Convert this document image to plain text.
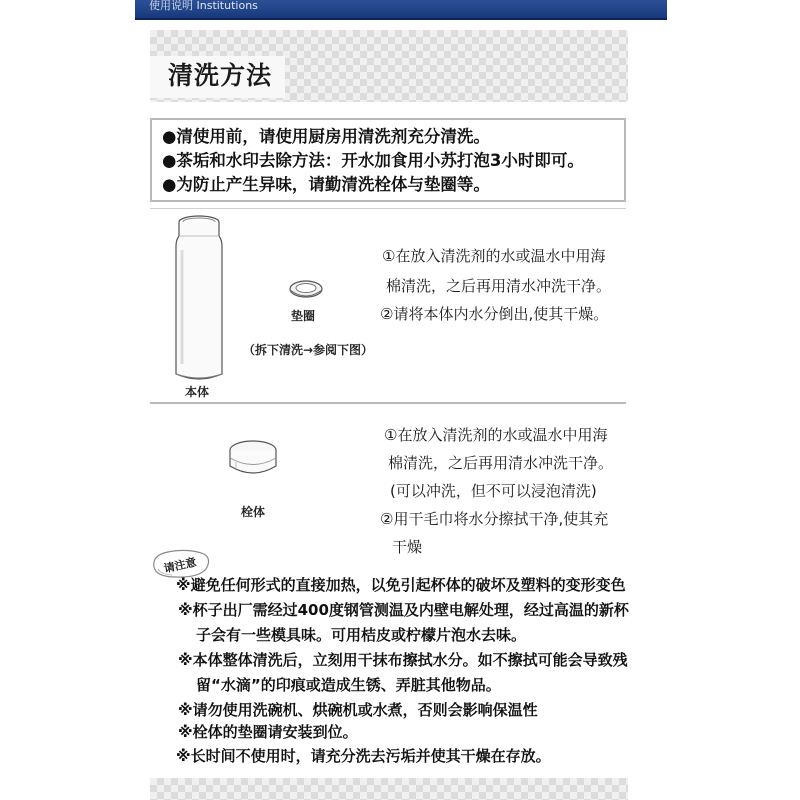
使用说明 Institutions
清洗方法
●清使用前，请使用厨房用清洗剂充分清洗。
●茶垢和水印去除方法：开水加食用小苏打泡3小时即可。
●为防止产生异味，请勤清洗栓体与垫圈等。
本体
垫圈
（拆下清洗→参阅下图）
①在放入清洗剂的水或温水中用海
棉清洗，之后再用清水冲洗干净。
②请将本体内水分倒出,使其干燥。
栓体
①在放入清洗剂的水或温水中用海
棉清洗，之后再用清水冲洗干净。
(可以冲洗，但不可以浸泡清洗)
②用干毛巾将水分擦拭干净,使其充
干燥
请注意
※避免任何形式的直接加热，以免引起杯体的破坏及塑料的变形变色
※杯子出厂需经过400度钢管测温及内壁电解处理，经过高温的新杯
子会有一些模具味。可用桔皮或柠檬片泡水去味。
※本体整体清洗后，立刻用干抹布擦拭水分。如不擦拭可能会导致残
留“水滴”的印痕或造成生锈、弄脏其他物品。
※请勿使用洗碗机、烘碗机或水煮，否则会影响保温性
※栓体的垫圈请安装到位。
※长时间不使用时，请充分洗去污垢并使其干燥在存放。
